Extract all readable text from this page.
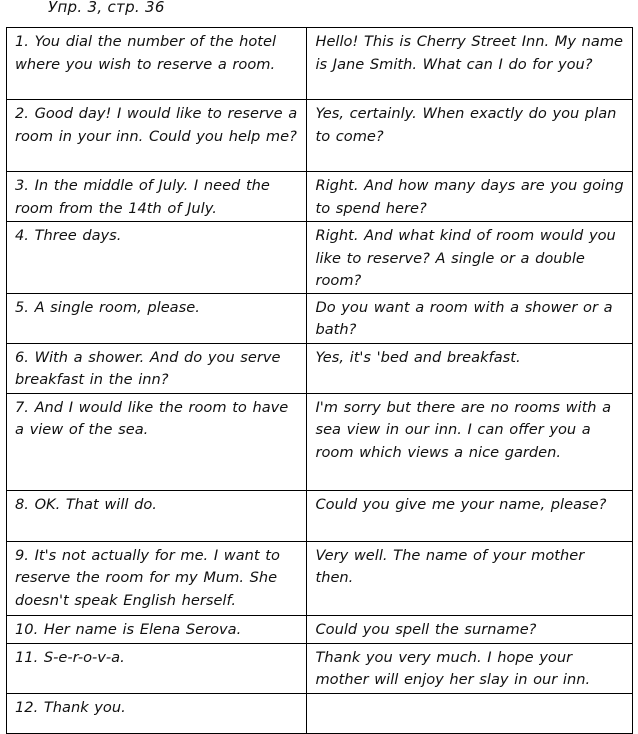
Упр. 3, стр. 36
1. You dial the number of the hotel where you wish to reserve a room.	Hello! This is Cherry Street Inn. My name is Jane Smith. What can I do for you?
2. Good day! I would like to reserve a room in your inn. Could you help me?	Yes, certainly. When exactly do you plan to come?
3. In the middle of July. I need the room from the 14th of July.	Right. And how many days are you going to spend here?
4. Three days.	Right. And what kind of room would you like to reserve? A single or a double room?
5. A single room, please.	Do you want a room with a shower or a bath?
6. With a shower. And do you serve breakfast in the inn?	Yes, it's 'bed and breakfast.
7. And I would like the room to have a view of the sea.	I'm sorry but there are no rooms with a sea view in our inn. I can offer you a room which views a nice garden.
8. OK. That will do.	Could you give me your name, please?
9. It's not actually for me. I want to reserve the room for my Mum. She doesn't speak English herself.	Very well. The name of your mother then.
10. Her name is Elena Serova.	Could you spell the surname?
11. S-e-r-o-v-a.	Thank you very much. I hope your mother will enjoy her slay in our inn.
12. Thank you.	
